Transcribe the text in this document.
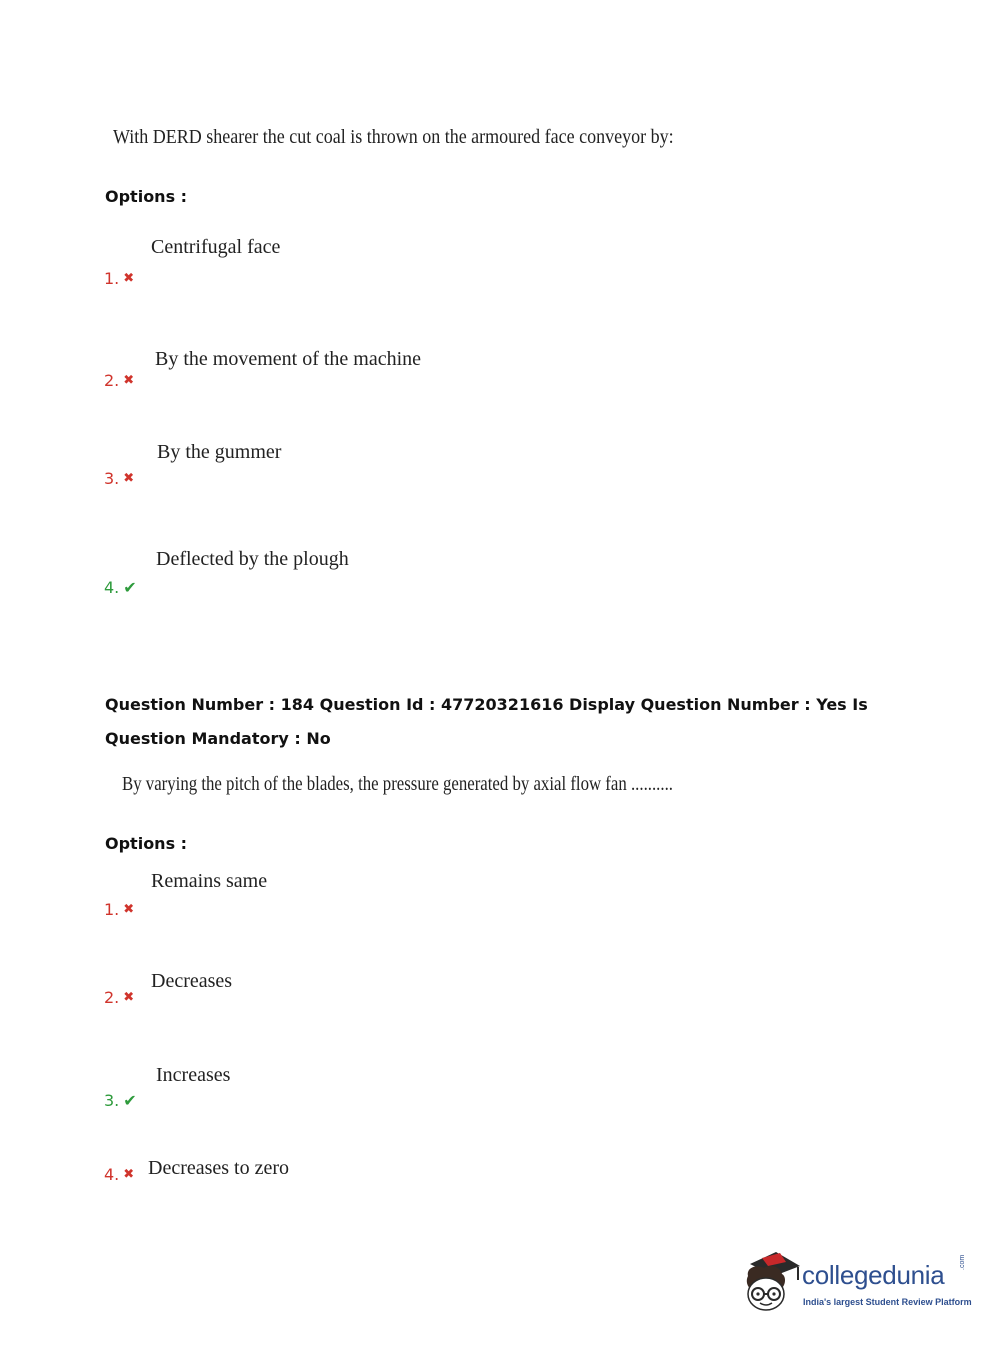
With DERD shearer the cut coal is thrown on the armoured face conveyor by:
Options :
Centrifugal face
1. ✖
By the movement of the machine
2. ✖
By the gummer
3. ✖
Deflected by the plough
4. ✔
Question Number : 184 Question Id : 47720321616 Display Question Number : Yes Is Question Mandatory : No
By varying the pitch of the blades, the pressure generated by axial flow fan ..........
Options :
Remains same
1. ✖
Decreases
2. ✖
Increases
3. ✔
4. ✖ Decreases to zero
collegedunia .com
India's largest Student Review Platform
